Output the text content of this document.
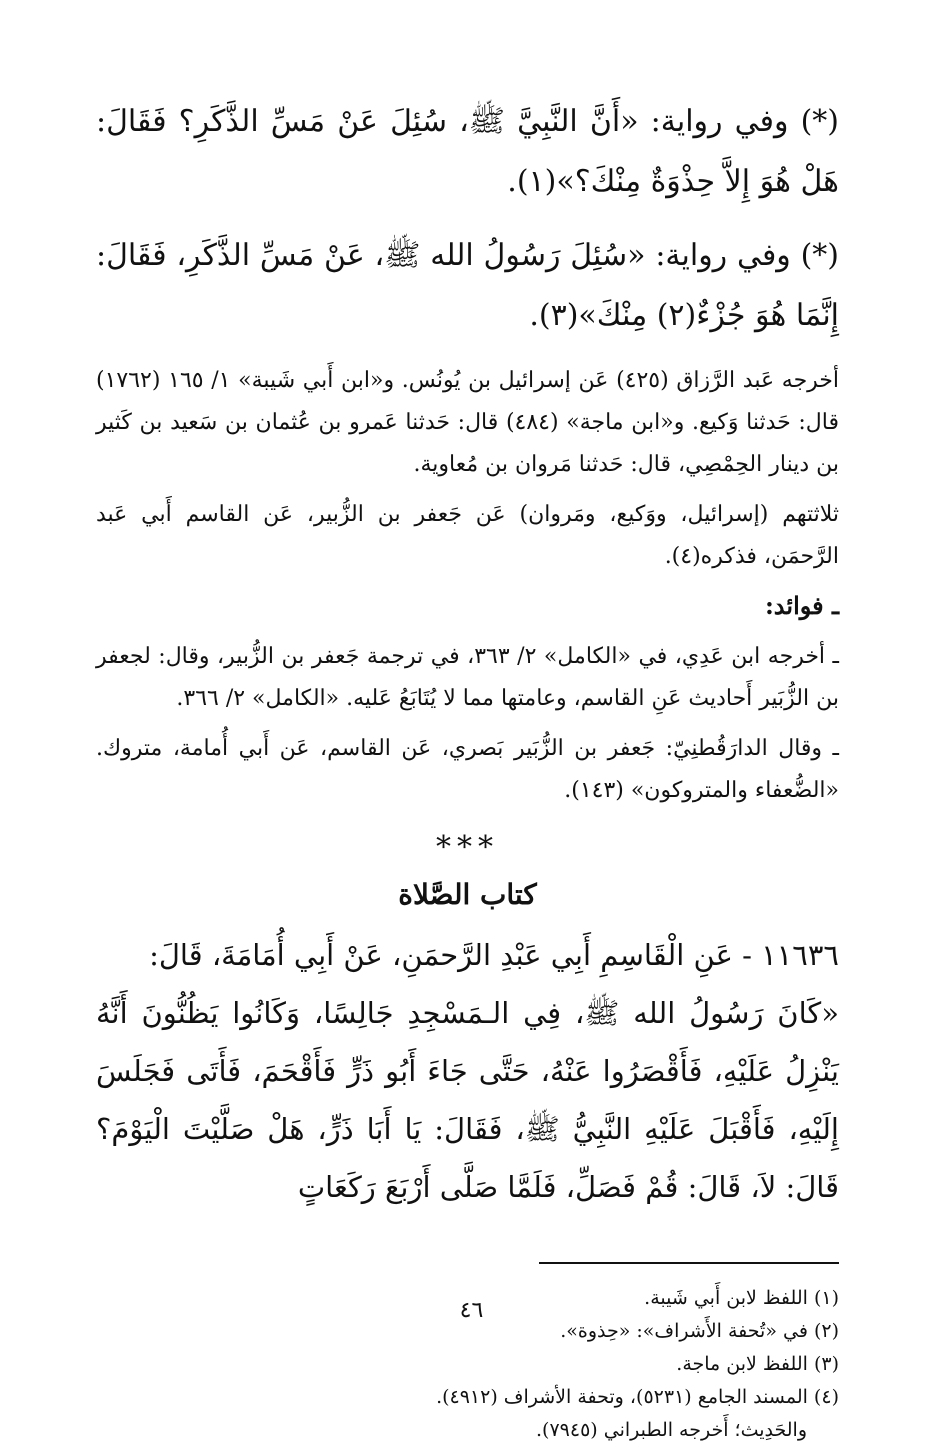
(*) وفي رواية: «أَنَّ النَّبِيَّ ﷺ، سُئِلَ عَنْ مَسِّ الذَّكَرِ؟ فَقَالَ: هَلْ هُوَ إِلاَّ حِذْوَةٌ مِنْكَ؟»(١).

(*) وفي رواية: «سُئِلَ رَسُولُ الله ﷺ، عَنْ مَسِّ الذَّكَرِ، فَقَالَ: إِنَّمَا هُوَ جُزْءٌ(٢) مِنْكَ»(٣).

أخرجه عَبد الرَّزاق (٤٢٥) عَن إسرائيل بن يُونُس. و«ابن أَبي شَيبة» ١/ ١٦٥ (١٧٦٢) قال: حَدثنا وَكيع. و«ابن ماجة» (٤٨٤) قال: حَدثنا عَمرو بن عُثمان بن سَعيد بن كَثير بن دينار الحِمْصِي، قال: حَدثنا مَروان بن مُعاوية.

ثلاثتهم (إسرائيل، ووَكيع، ومَروان) عَن جَعفر بن الزُّبير، عَن القاسم أَبي عَبد الرَّحمَن، فذكره(٤).

ـ فوائد:

ـ أخرجه ابن عَدِي، في «الكامل» ٢/ ٣٦٣، في ترجمة جَعفر بن الزُّبير، وقال: لجعفر بن الزُّبَير أَحاديث عَنِ القاسم، وعامتها مما لا يُتَابَعُ عَليه. «الكامل» ٢/ ٣٦٦.

ـ وقال الدارَقُطنِيّ: جَعفر بن الزُّبَير بَصري، عَن القاسم، عَن أَبي أُمامة، متروك. «الضُّعفاء والمتروكون» (١٤٣).

***
كتاب الصَّلاة

١١٦٣٦ - عَنِ الْقَاسِمِ أَبِي عَبْدِ الرَّحمَنِ، عَنْ أَبِي أُمَامَةَ، قَالَ:

«كَانَ رَسُولُ الله ﷺ، فِي الـمَسْجِدِ جَالِسًا، وَكَانُوا يَظُنُّونَ أَنَّهُ يَنْزِلُ عَلَيْهِ، فَأَقْصَرُوا عَنْهُ، حَتَّى جَاءَ أَبُو ذَرٍّ فَأَقْحَمَ، فَأَتَى فَجَلَسَ إِلَيْهِ، فَأَقْبَلَ عَلَيْهِ النَّبِيُّ ﷺ، فَقَالَ: يَا أَبَا ذَرٍّ، هَلْ صَلَّيْتَ الْيَوْمَ؟ قَالَ: لاَ، قَالَ: قُمْ فَصَلِّ، فَلَمَّا صَلَّى أَرْبَعَ رَكَعَاتٍ

(١) اللفظ لابن أَبي شَيبة.

(٢) في «تُحفة الأَشراف»: «حِذوة».

(٣) اللفظ لابن ماجة.

(٤) المسند الجامع (٥٢٣١)، وتحفة الأشراف (٤٩١٢).

والحَدِيث؛ أَخرجه الطبراني (٧٩٤٥).

٤٦
